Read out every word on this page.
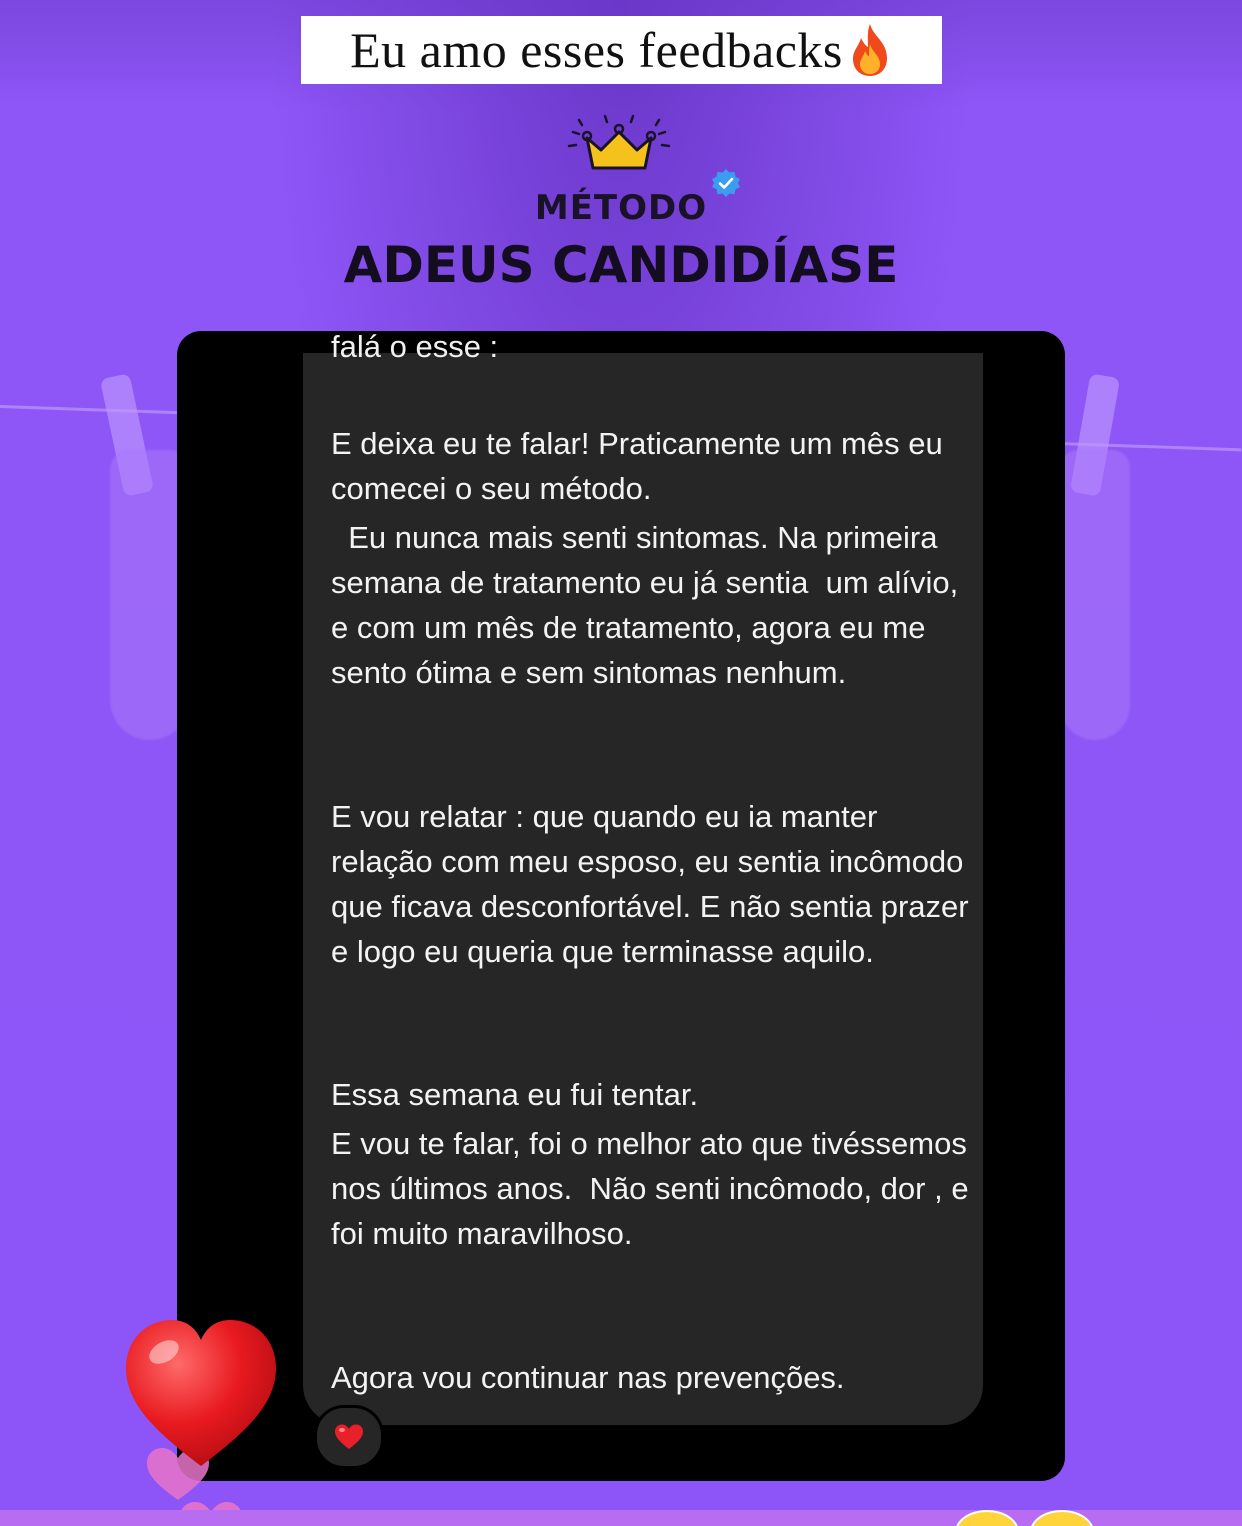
Eu amo esses feedbacks
MÉTODO
ADEUS CANDIDÍASE
falá o esse :
E deixa eu te falar! Praticamente um mês eu comecei o seu método.
Eu nunca mais senti sintomas. Na primeira semana de tratamento eu já sentia  um alívio, e com um mês de tratamento, agora eu me sento ótima e sem sintomas nenhum.
E vou relatar : que quando eu ia manter relação com meu esposo, eu sentia incômodo que ficava desconfortável. E não sentia prazer e logo eu queria que terminasse aquilo.
Essa semana eu fui tentar.
E vou te falar, foi o melhor ato que tivéssemos nos últimos anos.  Não senti incômodo, dor , e foi muito maravilhoso.
Agora vou continuar nas prevenções.
